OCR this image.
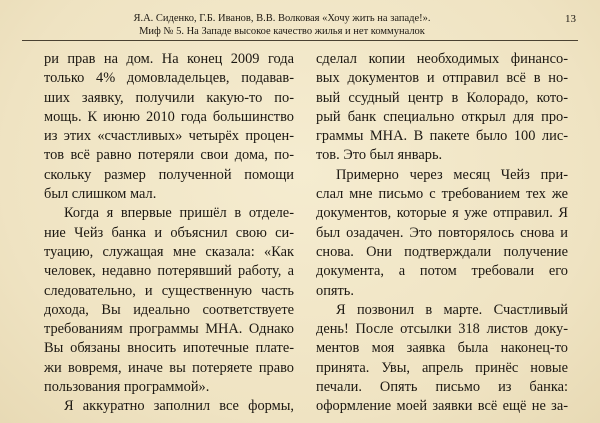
Я.А. Сиденко, Г.Б. Иванов, В.В. Волковая «Хочу жить на западе!».
Миф № 5. На Западе высокое качество жилья и нет коммуналок
13
ри прав на дом. На конец 2009 года
только 4% домовладельцев, подавав-
ших заявку, получили какую-то по-
мощь. К июню 2010 года большинство
из этих «счастливых» четырёх процен-
тов всё равно потеряли свои дома, по-
скольку размер полученной помощи
был слишком мал.
Когда я впервые пришёл в отделе-
ние Чейз банка и объяснил свою си-
туацию, служащая мне сказала: «Как
человек, недавно потерявший работу, а
следовательно, и существенную часть
дохода, Вы идеально соответствуете
требованиям программы МНА. Однако
Вы обязаны вносить ипотечные плате-
жи вовремя, иначе вы потеряете право
пользования программой».
Я аккуратно заполнил все формы,
сделал копии необходимых финансо-
вых документов и отправил всё в но-
вый ссудный центр в Колорадо, кото-
рый банк специально открыл для про-
граммы МНА. В пакете было 100 лис-
тов. Это был январь.
Примерно через месяц Чейз при-
слал мне письмо с требованием тех же
документов, которые я уже отправил. Я
был озадачен. Это повторялось снова и
снова. Они подтверждали получение
документа, а потом требовали его
опять.
Я позвонил в марте. Счастливый
день! После отсылки 318 листов доку-
ментов моя заявка была наконец-то
принята. Увы, апрель принёс новые
печали. Опять письмо из банка:
оформление моей заявки всё ещё не за-
